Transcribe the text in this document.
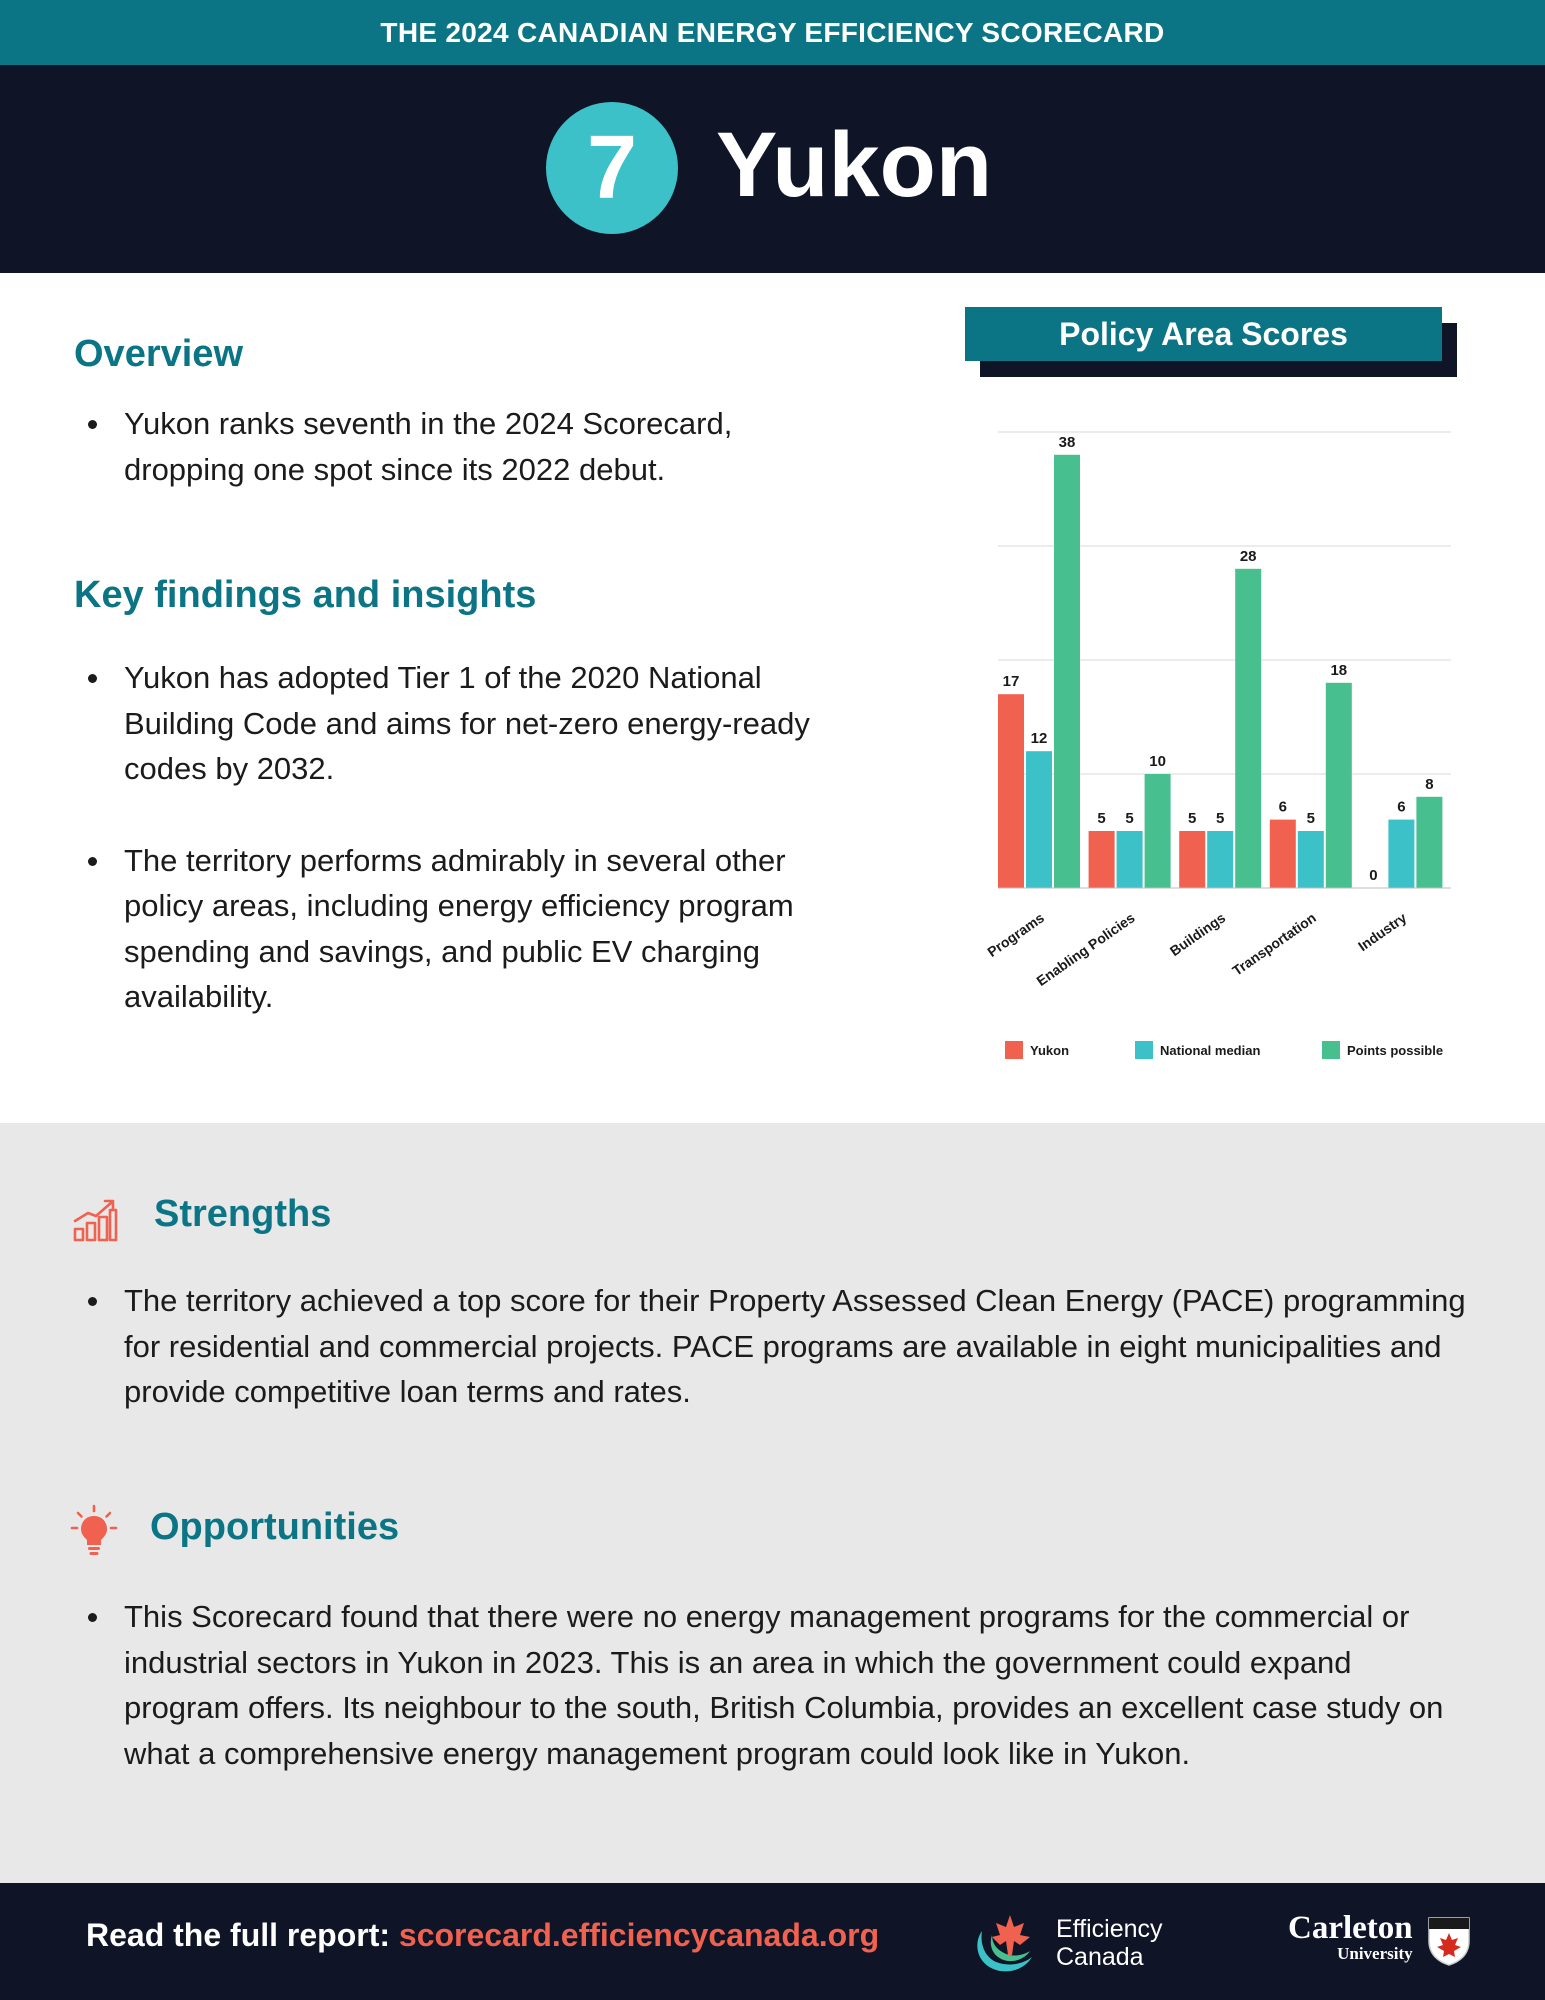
THE 2024 CANADIAN ENERGY EFFICIENCY SCORECARD
7 Yukon
Overview
Yukon ranks seventh in the 2024 Scorecard, dropping one spot since its 2022 debut.
Key findings and insights
Yukon has adopted Tier 1 of the 2020 National Building Code and aims for net-zero energy-ready codes by 2032.
The territory performs admirably in several other policy areas, including energy efficiency program spending and savings, and public EV charging availability.
Policy Area Scores
17
12
38
Programs
5 5
10
Enabling Policies
5 5
28
Buildings
6
5
18
Transportation
0
6
8
Industry
Yukon	National median	Points possible
Strengths
The territory achieved a top score for their Property Assessed Clean Energy (PACE) programming for residential and commercial projects. PACE programs are available in eight municipalities and provide competitive loan terms and rates.
Opportunities
This Scorecard found that there were no energy management programs for the commercial or industrial sectors in Yukon in 2023. This is an area in which the government could expand program offers. Its neighbour to the south, British Columbia, provides an excellent case study on what a comprehensive energy management program could look like in Yukon.
Read the full report: scorecard.efficiencycanada.org	Efficiency
Canada
Carleton
University
